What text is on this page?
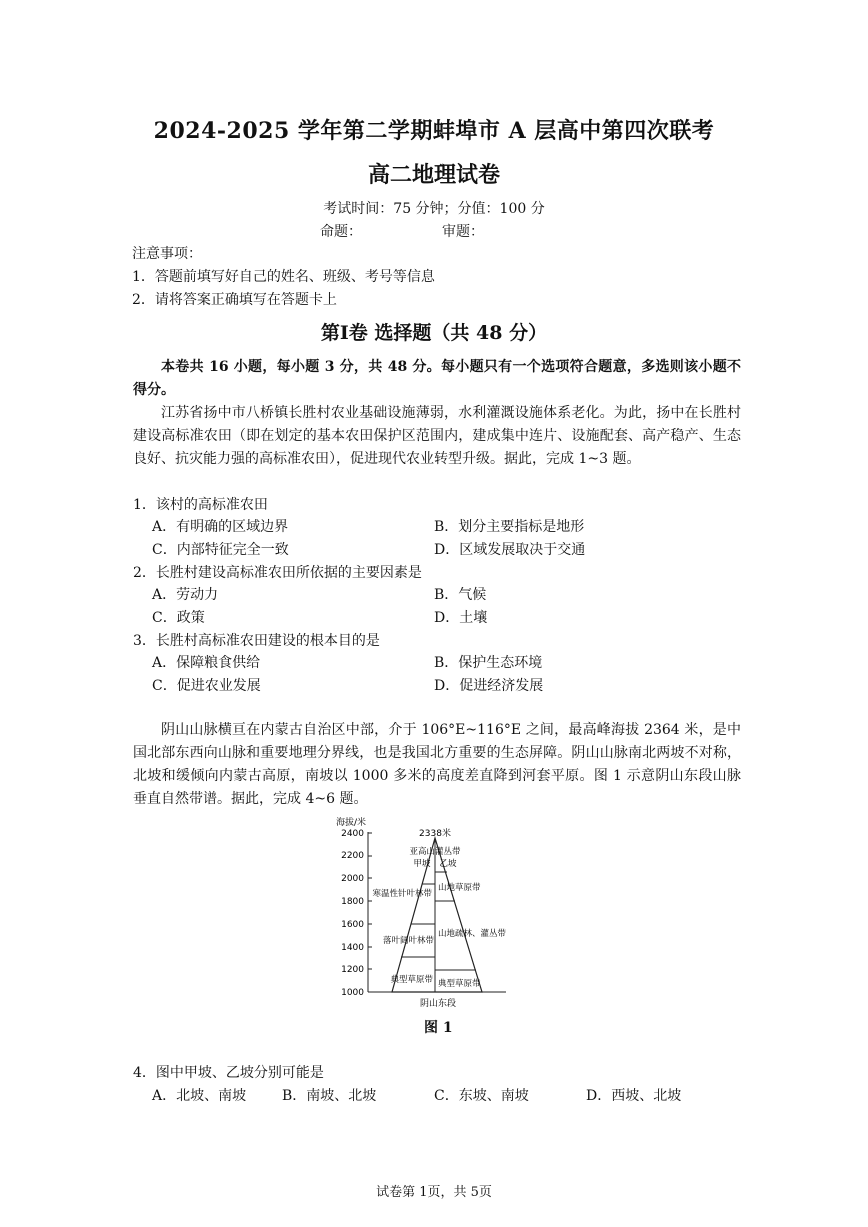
2024-2025 学年第二学期蚌埠市 A 层高中第四次联考
高二地理试卷
考试时间：75 分钟；分值：100 分
命题：	审题：
注意事项：
1．答题前填写好自己的姓名、班级、考号等信息
2．请将答案正确填写在答题卡上
第Ⅰ卷 选择题（共 48 分）

本卷共 16 小题，每小题 3 分，共 48 分。每小题只有一个选项符合题意，多选则该小题不得分。

江苏省扬中市八桥镇长胜村农业基础设施薄弱，水利灌溉设施体系老化。为此，扬中在长胜村建设高标准农田（即在划定的基本农田保护区范围内，建成集中连片、设施配套、高产稳产、生态良好、抗灾能力强的高标准农田），促进现代农业转型升级。据此，完成 1~3 题。

1．该村的高标准农田
A．有明确的区域边界	B．划分主要指标是地形
C．内部特征完全一致	D．区域发展取决于交通
2．长胜村建设高标准农田所依据的主要因素是
A．劳动力	B．气候
C．政策	D．土壤
3．长胜村高标准农田建设的根本目的是
A．保障粮食供给	B．保护生态环境
C．促进农业发展	D．促进经济发展

阴山山脉横亘在内蒙古自治区中部，介于 106°E~116°E 之间，最高峰海拔 2364 米，是中国北部东西向山脉和重要地理分界线，也是我国北方重要的生态屏障。阴山山脉南北两坡不对称，北坡和缓倾向内蒙古高原，南坡以 1000 多米的高度差直降到河套平原。图 1 示意阴山东段山脉垂直自然带谱。据此，完成 4~6 题。

海拔/米
2400
2200
2000
1800
1600
1400
1200
1000
2338米
亚高山灌丛带
甲坡 乙坡
寒温性针叶林带
落叶阔叶林带
典型草原带
山地草原带
山地疏林、灌丛带
典型草原带
阴山东段
图 1
4．图中甲坡、乙坡分别可能是
A．北坡、南坡	B．南坡、北坡	C．东坡、南坡	D．西坡、北坡
试卷第 1页，共 5页
